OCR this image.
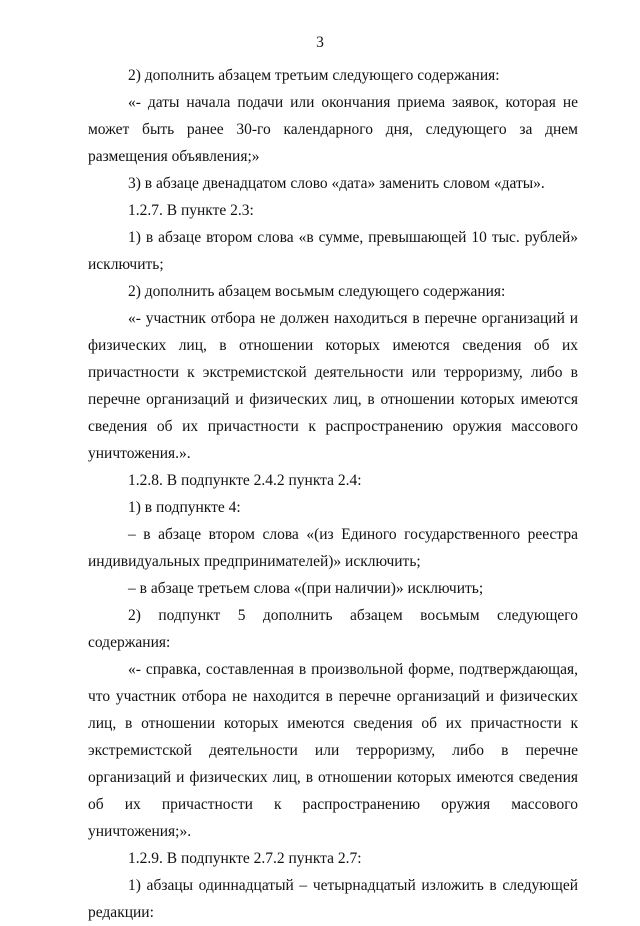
3

2) дополнить абзацем третьим следующего содержания:

«- даты начала подачи или окончания приема заявок, которая не может быть ранее 30-го календарного дня, следующего за днем размещения объявления;»

3) в абзаце двенадцатом слово «дата» заменить словом «даты».

1.2.7. В пункте 2.3:

1) в абзаце втором слова «в сумме, превышающей 10 тыс. рублей» исключить;

2) дополнить абзацем восьмым следующего содержания:

«- участник отбора не должен находиться в перечне организаций и физических лиц, в отношении которых имеются сведения об их причастности к экстремистской деятельности или терроризму, либо в перечне организаций и физических лиц, в отношении которых имеются сведения об их причастности к распространению оружия массового уничтожения.».

1.2.8. В подпункте 2.4.2 пункта 2.4:

1) в подпункте 4:

– в абзаце втором слова «(из Единого государственного реестра индивидуальных предпринимателей)» исключить;

– в абзаце третьем слова «(при наличии)» исключить;

2) подпункт 5 дополнить абзацем восьмым следующего содержания:

«- справка, составленная в произвольной форме, подтверждающая, что участник отбора не находится в перечне организаций и физических лиц, в отношении которых имеются сведения об их причастности к экстремистской деятельности или терроризму, либо в перечне организаций и физических лиц, в отношении которых имеются сведения об их причастности к распространению оружия массового уничтожения;».

1.2.9. В подпункте 2.7.2 пункта 2.7:

1) абзацы одиннадцатый – четырнадцатый изложить в следующей редакции:
